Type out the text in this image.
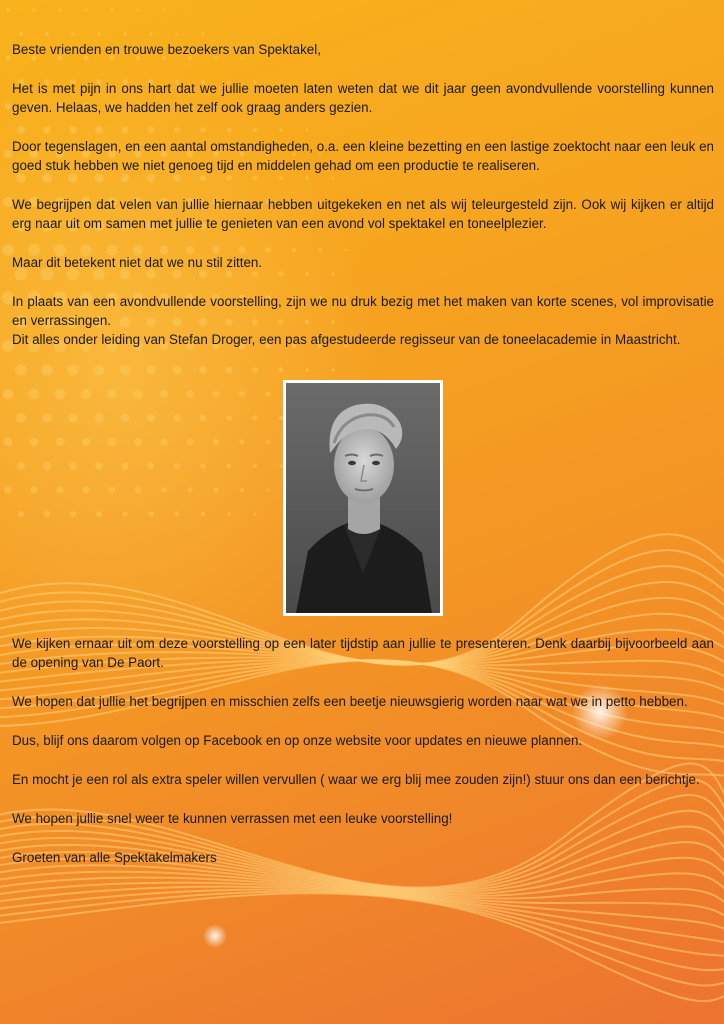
Beste vrienden en trouwe bezoekers van Spektakel,

Het is met pijn in ons hart dat we jullie moeten laten weten dat we dit jaar geen avondvullende voorstelling kunnen geven. Helaas, we hadden het zelf ook graag anders gezien.

Door tegenslagen, en een aantal omstandigheden, o.a. een kleine bezetting en een lastige zoektocht naar een leuk en goed stuk hebben we niet genoeg tijd en middelen gehad om een productie te realiseren.

We begrijpen dat velen van jullie hiernaar hebben uitgekeken en net als wij teleurgesteld zijn. Ook wij kijken er altijd erg naar uit om samen met jullie te genieten van een avond vol spektakel en toneelplezier.

Maar dit betekent niet dat we nu stil zitten.

In plaats van een avondvullende voorstelling, zijn we nu druk bezig met het maken van korte scenes, vol improvisatie en verrassingen.

Dit alles onder leiding van Stefan Droger, een pas afgestudeerde regisseur van de toneelacademie in Maastricht.

We kijken ernaar uit om deze voorstelling op een later tijdstip aan jullie te presenteren. Denk daarbij bijvoorbeeld aan de opening van De Paort.

We hopen dat jullie het begrijpen en misschien zelfs een beetje nieuwsgierig worden naar wat we in petto hebben.

Dus, blijf ons daarom volgen op Facebook en op onze website voor updates en nieuwe plannen.

En mocht je een rol als extra speler willen vervullen ( waar we erg blij mee zouden zijn!) stuur ons dan een berichtje.

We hopen jullie snel weer te kunnen verrassen met een leuke voorstelling!

Groeten van alle Spektakelmakers
